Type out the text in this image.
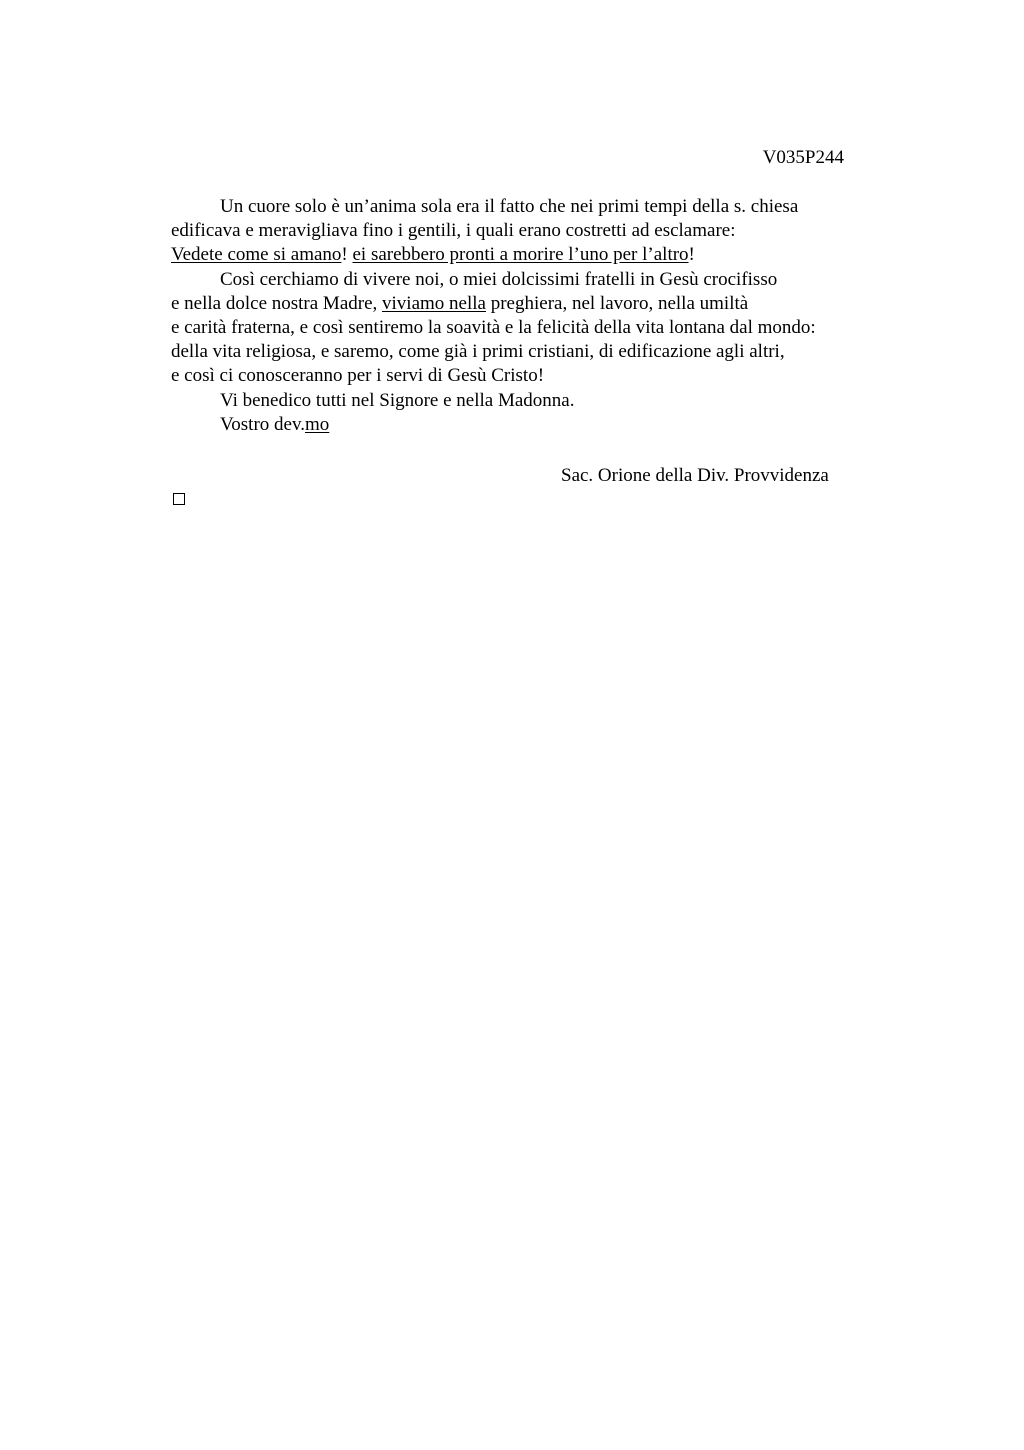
V035P244
Un cuore solo è un’anima sola era il fatto che nei primi tempi della s. chiesa
edificava e meravigliava fino i gentili, i quali erano costretti ad esclamare:
Vedete come si amano! ei sarebbero pronti a morire l’uno per l’altro!
Così cerchiamo di vivere noi, o miei dolcissimi fratelli in Gesù crocifisso
e nella dolce nostra Madre, viviamo nella preghiera, nel lavoro, nella umiltà
e carità fraterna, e così sentiremo la soavità e la felicità della vita lontana dal mondo:
della vita religiosa, e saremo, come già i primi cristiani, di edificazione agli altri,
e così ci conosceranno per i servi di Gesù Cristo!
Vi benedico tutti nel Signore e nella Madonna.
Vostro dev.mo
Sac. Orione della Div. Provvidenza
